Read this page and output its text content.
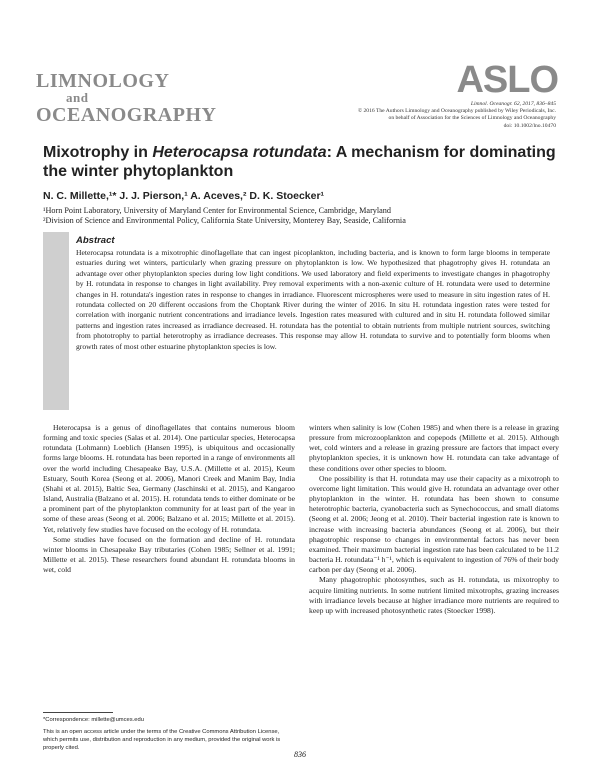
LIMNOLOGY
and
OCEANOGRAPHY
ASLO
Limnol. Oceanogr. 62, 2017, 836–845
© 2016 The Authors Limnology and Oceanography published by Wiley Periodicals, Inc.
on behalf of Association for the Sciences of Limnology and Oceanography
doi: 10.1002/lno.10470
Mixotrophy in Heterocapsa rotundata: A mechanism for dominating the winter phytoplankton
N. C. Millette,¹* J. J. Pierson,¹ A. Aceves,² D. K. Stoecker¹
¹Horn Point Laboratory, University of Maryland Center for Environmental Science, Cambridge, Maryland
²Division of Science and Environmental Policy, California State University, Monterey Bay, Seaside, California
Abstract
Heterocapsa rotundata is a mixotrophic dinoflagellate that can ingest picoplankton, including bacteria, and is known to form large blooms in temperate estuaries during wet winters, particularly when grazing pressure on phytoplankton is low. We hypothesized that phagotrophy gives H. rotundata an advantage over other phytoplankton species during low light conditions. We used laboratory and field experiments to investigate changes in phagotrophy by H. rotundata in response to changes in light availability. Prey removal experiments with a non-axenic culture of H. rotundata were used to determine changes in H. rotundata's ingestion rates in response to changes in irradiance. Fluorescent microspheres were used to measure in situ ingestion rates of H. rotundata collected on 20 different occasions from the Choptank River during the winter of 2016. In situ H. rotundata ingestion rates were tested for correlation with inorganic nutrient concentrations and irradiance levels. Ingestion rates measured with cultured and in situ H. rotundata followed similar patterns and ingestion rates increased as irradiance decreased. H. rotundata has the potential to obtain nutrients from multiple nutrient sources, switching from phototrophy to partial heterotrophy as irradiance decreases. This response may allow H. rotundata to survive and to potentially form blooms when growth rates of most other estuarine phytoplankton species is low.

Heterocapsa is a genus of dinoflagellates that contains numerous bloom forming and toxic species (Salas et al. 2014). One particular species, Heterocapsa rotundata (Lohmann) Loeblich (Hansen 1995), is ubiquitous and occasionally forms large blooms. H. rotundata has been reported in a range of environments all over the world including Chesapeake Bay, U.S.A. (Millette et al. 2015), Keum Estuary, South Korea (Seong et al. 2006), Manori Creek and Manim Bay, India (Shahi et al. 2015), Baltic Sea, Germany (Jaschinski et al. 2015), and Kangaroo Island, Australia (Balzano et al. 2015). H. rotundata tends to either dominate or be a prominent part of the phytoplankton community for at least part of the year in some of these areas (Seong et al. 2006; Balzano et al. 2015; Millette et al. 2015). Yet, relatively few studies have focused on the ecology of H. rotundata.

Some studies have focused on the formation and decline of H. rotundata winter blooms in Chesapeake Bay tributaries (Cohen 1985; Sellner et al. 1991; Millette et al. 2015). These researchers found abundant H. rotundata blooms in wet, cold

winters when salinity is low (Cohen 1985) and when there is a release in grazing pressure from microzooplankton and copepods (Millette et al. 2015). Although wet, cold winters and a release in grazing pressure are factors that impact every phytoplankton species, it is unknown how H. rotundata can take advantage of these conditions over other species to bloom.

One possibility is that H. rotundata may use their capacity as a mixotroph to overcome light limitation. This would give H. rotundata an advantage over other phytoplankton in the winter. H. rotundata has been shown to consume heterotrophic bacteria, cyanobacteria such as Synechococcus, and small diatoms (Seong et al. 2006; Jeong et al. 2010). Their bacterial ingestion rate is known to increase with increasing bacteria abundances (Seong et al. 2006), but their phagotrophic response to changes in environmental factors has never been examined. Their maximum bacterial ingestion rate has been calculated to be 11.2 bacteria H. rotundata⁻¹ h⁻¹, which is equivalent to ingestion of 76% of their body carbon per day (Seong et al. 2006).

Many phagotrophic photosynthes, such as H. rotundata, us mixotrophy to acquire limiting nutrients. In some nutrient limited mixotrophs, grazing increases with irradiance levels because at higher irradiance more nutrients are required to keep up with increased photosynthetic rates (Stoecker 1998).

*Correspondence: millette@umces.edu
This is an open access article under the terms of the Creative Commons Attribution License, which permits use, distribution and reproduction in any medium, provided the original work is properly cited.
836
